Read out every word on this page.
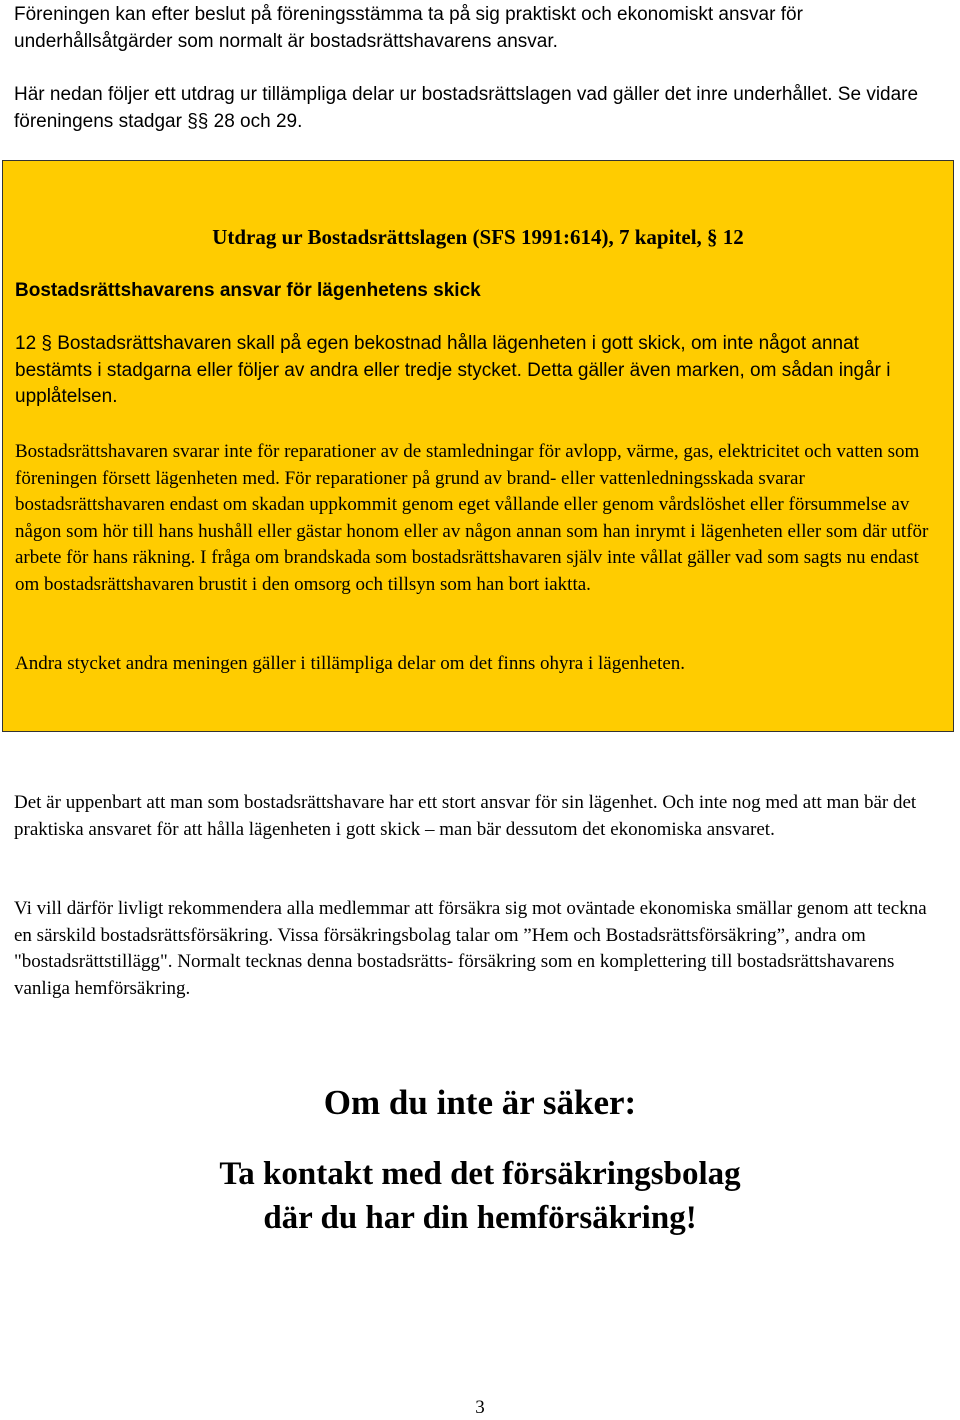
Föreningen kan efter beslut på föreningsstämma ta på sig praktiskt och ekonomiskt ansvar för underhållsåtgärder som normalt är bostadsrättshavarens ansvar.

Här nedan följer ett utdrag ur tillämpliga delar ur bostadsrättslagen vad gäller det inre underhållet. Se vidare föreningens stadgar §§ 28 och 29.

Utdrag ur Bostadsrättslagen (SFS 1991:614), 7 kapitel, § 12

Bostadsrättshavarens ansvar för lägenhetens skick

12 § Bostadsrättshavaren skall på egen bekostnad hålla lägenheten i gott skick, om inte något annat bestämts i stadgarna eller följer av andra eller tredje stycket. Detta gäller även marken, om sådan ingår i upplåtelsen.

Bostadsrättshavaren svarar inte för reparationer av de stamledningar för avlopp, värme, gas, elektricitet och vatten som föreningen försett lägenheten med. För reparationer på grund av brand- eller vattenledningsskada svarar bostadsrättshavaren endast om skadan uppkommit genom eget vållande eller genom vårdslöshet eller försummelse av någon som hör till hans hushåll eller gästar honom eller av någon annan som han inrymt i lägenheten eller som där utför arbete för hans räkning. I fråga om brandskada som bostadsrättshavaren själv inte vållat gäller vad som sagts nu endast om bostadsrättshavaren brustit i den omsorg och tillsyn som han bort iaktta.

Andra stycket andra meningen gäller i tillämpliga delar om det finns ohyra i lägenheten.

Det är uppenbart att man som bostadsrättshavare har ett stort ansvar för sin lägenhet. Och inte nog med att man bär det praktiska ansvaret för att hålla lägenheten i gott skick – man bär dessutom det ekonomiska ansvaret.

Vi vill därför livligt rekommendera alla medlemmar att försäkra sig mot oväntade ekonomiska smällar genom att teckna en särskild bostadsrättsförsäkring. Vissa försäkringsbolag talar om ”Hem och Bostadsrättsförsäkring”, andra om "bostadsrättstillägg". Normalt tecknas denna bostadsrätts- försäkring som en komplettering till bostadsrättshavarens vanliga hemförsäkring.

Om du inte är säker:

Ta kontakt med det försäkringsbolag

där du har din hemförsäkring!

3
